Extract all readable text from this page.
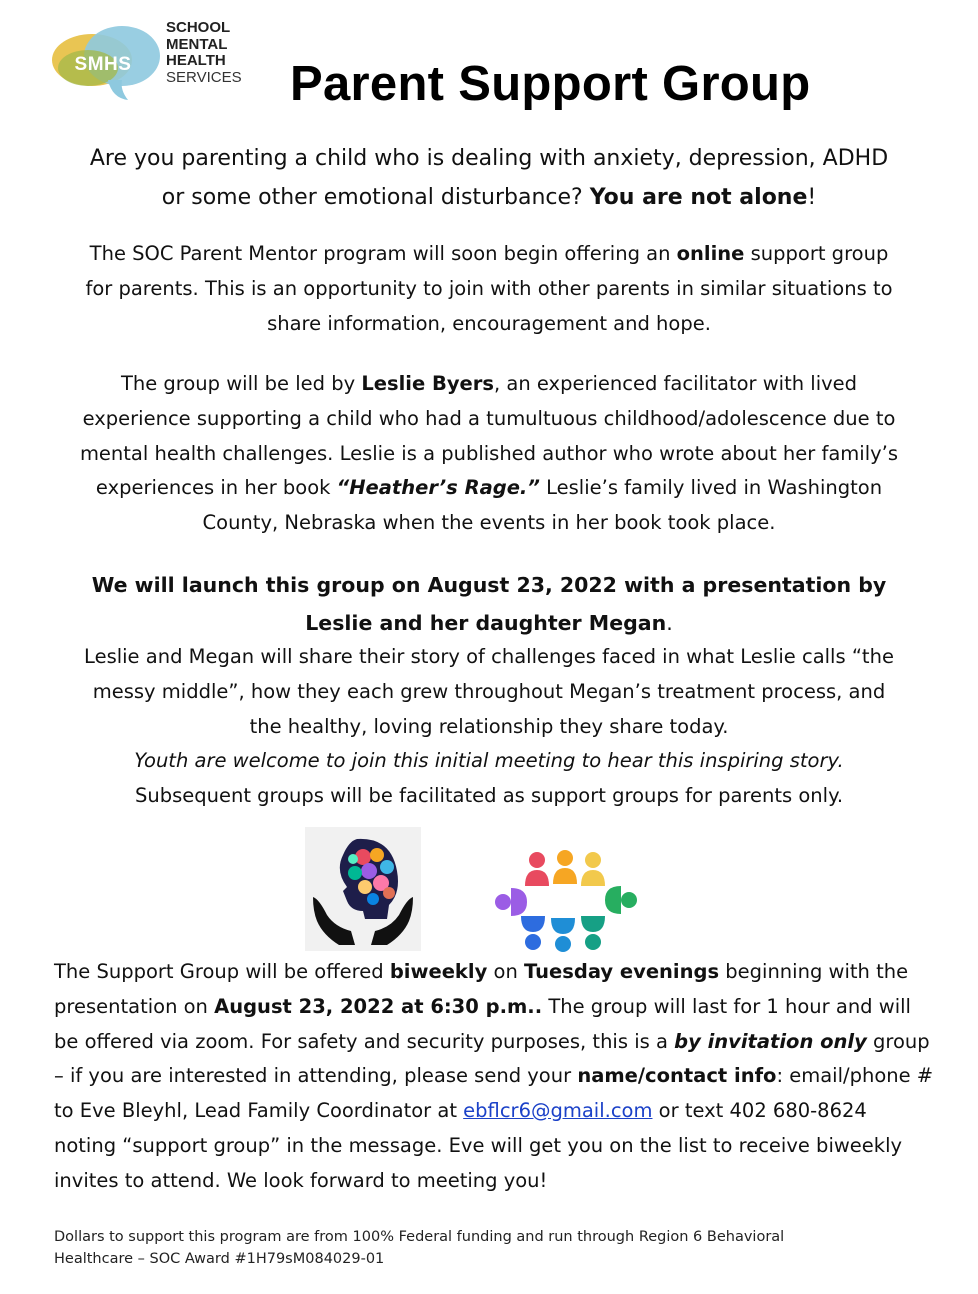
SMHS
SCHOOL
MENTAL
HEALTH
SERVICES Parent Support Group

Are you parenting a child who is dealing with anxiety, depression, ADHD
or some other emotional disturbance? You are not alone!

The SOC Parent Mentor program will soon begin offering an online support group
for parents. This is an opportunity to join with other parents in similar situations to
share information, encouragement and hope.

The group will be led by Leslie Byers, an experienced facilitator with lived
experience supporting a child who had a tumultuous childhood/adolescence due to
mental health challenges. Leslie is a published author who wrote about her family’s
experiences in her book “Heather’s Rage.” Leslie’s family lived in Washington
County, Nebraska when the events in her book took place.

We will launch this group on August 23, 2022 with a presentation by
Leslie and her daughter Megan.

Leslie and Megan will share their story of challenges faced in what Leslie calls “the
messy middle”, how they each grew throughout Megan’s treatment process, and
the healthy, loving relationship they share today.
Youth are welcome to join this initial meeting to hear this inspiring story.
Subsequent groups will be facilitated as support groups for parents only.

The Support Group will be offered biweekly on Tuesday evenings beginning with the presentation on August 23, 2022 at 6:30 p.m.. The group will last for 1 hour and will be offered via zoom. For safety and security purposes, this is a by invitation only group – if you are interested in attending, please send your name/contact info: email/phone # to Eve Bleyhl, Lead Family Coordinator at ebflcr6@gmail.com or text 402 680-8624 noting “support group” in the message. Eve will get you on the list to receive biweekly invites to attend. We look forward to meeting you!

Dollars to support this program are from 100% Federal funding and run through Region 6 Behavioral
Healthcare – SOC Award #1H79sM084029-01
